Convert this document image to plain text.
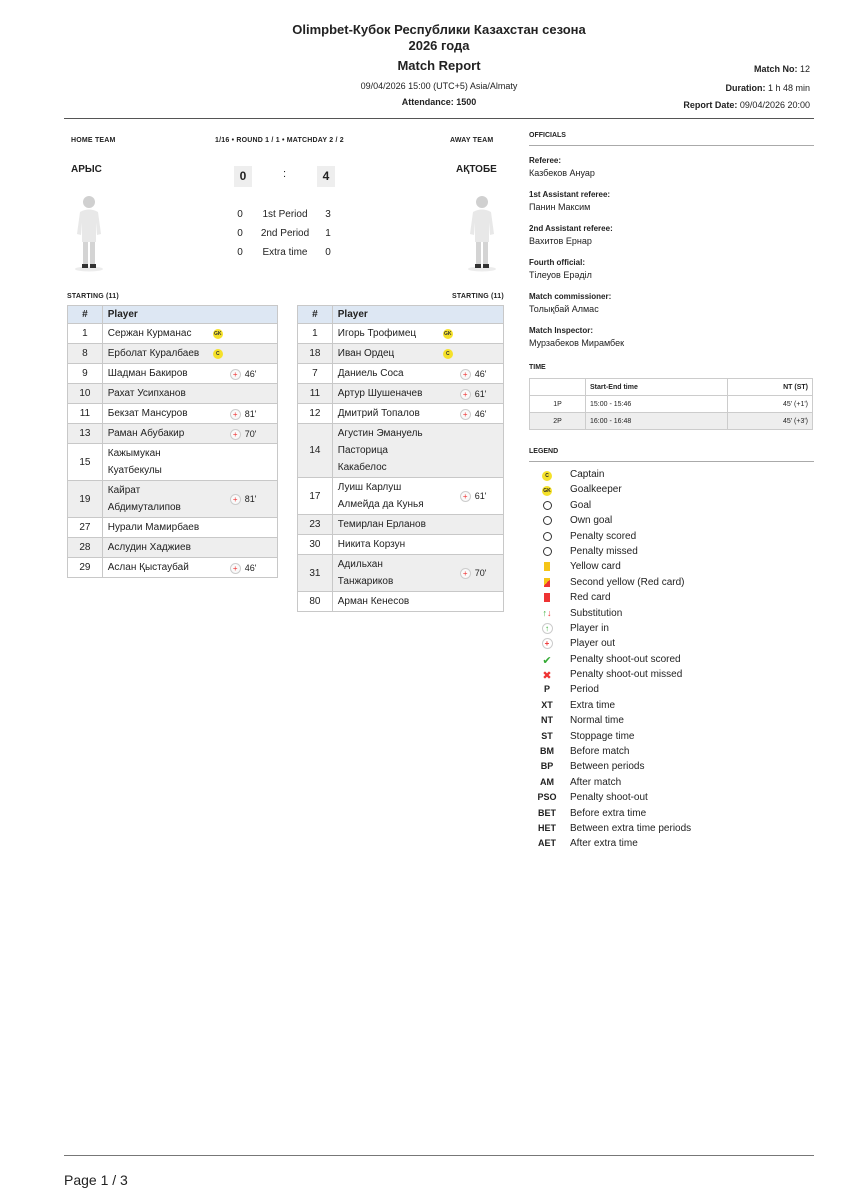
Olimpbet-Кубок Республики Казахстан сезона
2026 года
Match Report
09/04/2026 15:00 (UTC+5) Asia/Almaty
Attendance: 1500
Match No: 12
Duration: 1 h 48 min
Report Date: 09/04/2026 20:00
HOME TEAM	1/16 • ROUND 1 / 1 • MATCHDAY 2 / 2	AWAY TEAM
АРЫС	АҚТОБЕ
0	:	4
0	1st Period	3
0	2nd Period	1
0	Extra time	0
STARTING (11)	STARTING (11)
#	Player
1	Сержан Курманас GK

8	Ерболат Куралбаев C

9	Шадман Бакиров + 46'

10	Рахат Усипханов

11	Бекзат Мансуров + 81'

13	Раман Абубакир + 70'

15	Кажымукан Куатбекулы

19	Кайрат Абдимуталипов
+ 81'

27	Нурали Мамирбаев

28	Аслудин Хаджиев

29	Аслан Қыстаубай + 46'
#	Player
1	Игорь Трофимец GK

18	Иван Ордец C

7	Даниель Соса + 46'

11	Артур Шушеначев + 61'

12	Дмитрий Топалов + 46'

14	Агустин Эмануель Пасторица Какабелос

17	Луиш Карлуш Алмейда да Кунья
+ 61'

23	Темирлан Ерланов

30	Никита Корзун

31	Адильхан Танжариков
+ 70'

80	Арман Кенесов
OFFICIALS
Referee:
Казбеков Ануар
1st Assistant referee:
Панин Максим
2nd Assistant referee:
Вахитов Ернар
Fourth official:
Тілеуов Ерәділ
Match commissioner:
Толықбай Алмас
Match Inspector:
Мурзабеков Мирамбек
TIME
	Start-End time	NT (ST)
1P	15:00 - 15:46	45' (+1')
2P	16:00 - 16:48	45' (+3')
LEGEND
C	Captain
GK	Goalkeeper
Goal
Own goal
Penalty scored
Penalty missed
Yellow card
Second yellow (Red card)
Red card
↑↓	Substitution
↑	Player in
+	Player out
✔	Penalty shoot-out scored
✖	Penalty shoot-out missed
P	Period
XT	Extra time
NT	Normal time
ST	Stoppage time
BM	Before match
BP	Between periods
AM	After match
PSO Penalty shoot-out
BET	Before extra time
HET	Between extra time periods
AET	After extra time
Page 1 / 3
